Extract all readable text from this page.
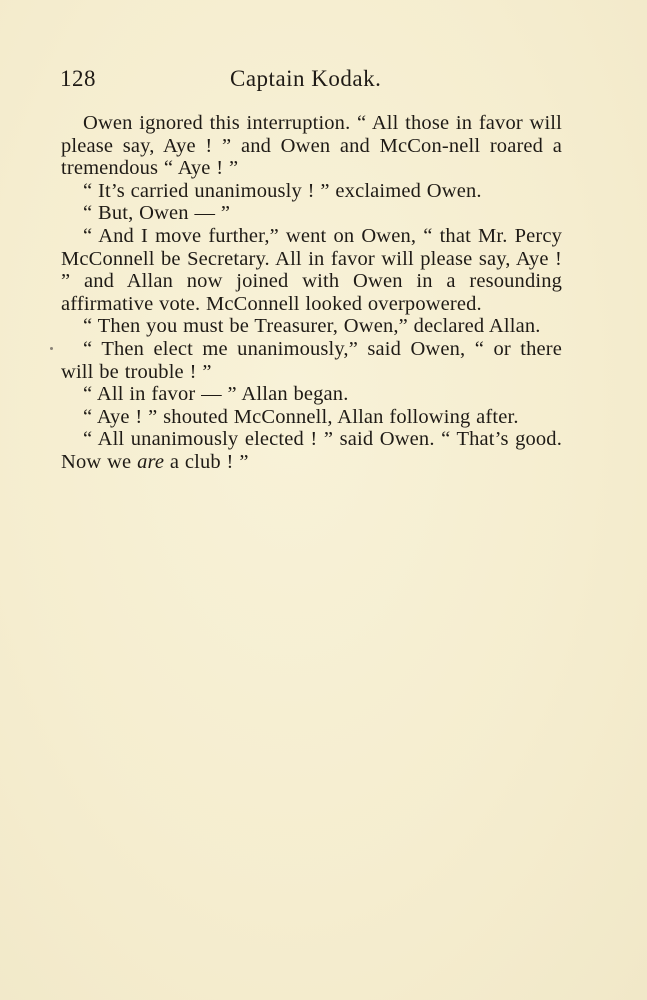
128	Captain Kodak.

Owen ignored this interruption. “ All those in favor will please say, Aye ! ” and Owen and McCon-nell roared a tremendous “ Aye ! ”

“ It’s carried unanimously ! ” exclaimed Owen.

“ But, Owen — ”

“ And I move further,” went on Owen, “ that Mr. Percy McConnell be Secretary. All in favor will please say, Aye ! ” and Allan now joined with Owen in a resounding affirmative vote. McConnell looked overpowered.

“ Then you must be Treasurer, Owen,” declared Allan.

“ Then elect me unanimously,” said Owen, “ or there will be trouble ! ”

“ All in favor — ” Allan began.

“ Aye ! ” shouted McConnell, Allan following after.

“ All unanimously elected ! ” said Owen. “ That’s good. Now we are a club ! ”
